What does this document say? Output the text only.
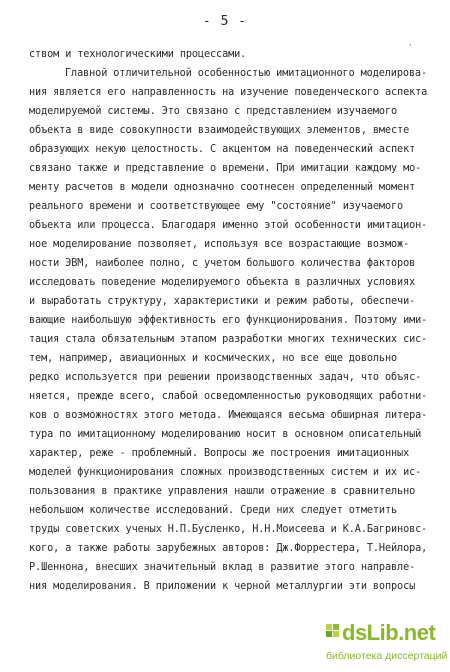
- 5 -
,
ством и технологическими процессами.
Главной отличительной особенностью имитационного моделирова-
ния является его направленность на изучение поведенческого аспекта
моделируемой системы. Это связано с представлением изучаемого
объекта в виде совокупности взаимодействующих элементов, вместе
образующих некую целостность. С акцентом на поведенческий аспект
связано также и представление о времени. При имитации каждому мо-
менту расчетов в модели однозначно соотнесен определенный момент
реального времени и соответствующее ему "состояние" изучаемого
объекта или процесса. Благодаря именно этой особенности имитацион-
ное моделирование позволяет, используя все возрастающие возмож-
ности ЭВМ, наиболее полно, с учетом большого количества факторов
исследовать поведение моделируемого объекта в различных условиях
и выработать структуру, характеристики и режим работы, обеспечи-
вающие наибольшую эффективность его функционирования. Поэтому ими-
тация стала обязательным этапом разработки многих технических сис-
тем, например, авиационных и космических, но все еще довольно
редко используется при решении производственных задач, что объяс-
няется, прежде всего, слабой осведомленностью руководящих работни-
ков о возможностях этого метода. Имеющаяся весьма обширная литера-
тура по имитационному моделированию носит в основном описательный
характер, реже - проблемный. Вопросы же построения имитационных
моделей функционирования сложных производственных систем и их ис-
пользования в практике управления нашли отражение в сравнительно
небольшом количестве исследований. Среди них следует отметить
труды советских ученых Н.П.Бусленко, Н.Н.Моисеева и К.А.Багриновс-
кого, а также работы зарубежных авторов: Дж.Форрестера, Т.Нейлора,
Р.Шеннона, внесших значительный вклад в развитие этого направле-
ния моделирования. В приложении к черной металлургии эти вопросы
dsLib.net
библиотека диссертаций
